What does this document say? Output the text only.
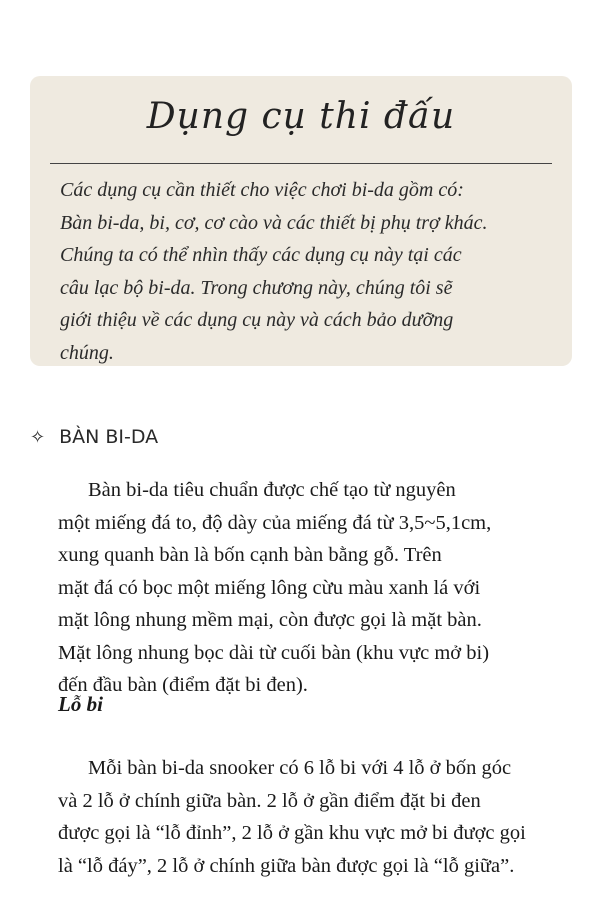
Dụng cụ thi đấu
Các dụng cụ cần thiết cho việc chơi bi-da gồm có:
Bàn bi-da, bi, cơ, cơ cào và các thiết bị phụ trợ khác.
Chúng ta có thể nhìn thấy các dụng cụ này tại các
câu lạc bộ bi-da. Trong chương này, chúng tôi sẽ
giới thiệu về các dụng cụ này và cách bảo dưỡng
chúng.
✧ BÀN BI-DA
Bàn bi-da tiêu chuẩn được chế tạo từ nguyên
một miếng đá to, độ dày của miếng đá từ 3,5~5,1cm,
xung quanh bàn là bốn cạnh bàn bằng gỗ. Trên
mặt đá có bọc một miếng lông cừu màu xanh lá với
mặt lông nhung mềm mại, còn được gọi là mặt bàn.
Mặt lông nhung bọc dài từ cuối bàn (khu vực mở bi)
đến đầu bàn (điểm đặt bi đen).
Lỗ bi
Mỗi bàn bi-da snooker có 6 lỗ bi với 4 lỗ ở bốn góc
và 2 lỗ ở chính giữa bàn. 2 lỗ ở gần điểm đặt bi đen
được gọi là “lỗ đỉnh”, 2 lỗ ở gần khu vực mở bi được gọi
là “lỗ đáy”, 2 lỗ ở chính giữa bàn được gọi là “lỗ giữa”.
